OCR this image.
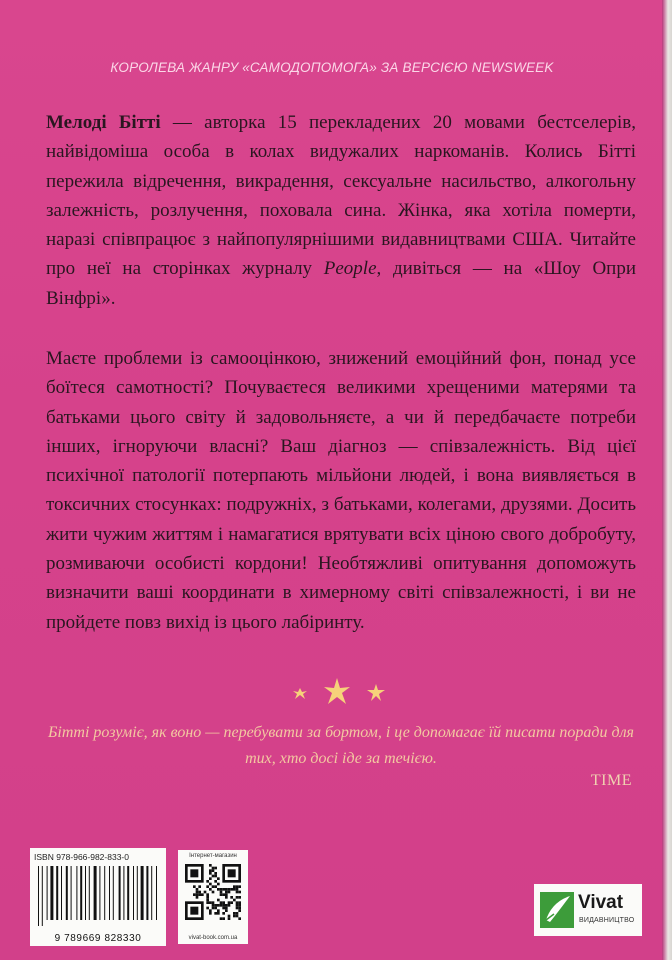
КОРОЛЕВА ЖАНРУ «САМОДОПОМОГА» ЗА ВЕРСІЄЮ NEWSWEEK

Мелоді Бітті — авторка 15 перекладених 20 мовами бестселерів, найвідоміша особа в колах видужалих наркоманів. Колись Бітті пережила відречення, викрадення, сексуальне насильство, алкогольну залежність, розлучення, поховала сина. Жінка, яка хотіла померти, наразі співпрацює з найпопулярнішими видавництвами США. Читайте про неї на сторінках журналу People, дивіться — на «Шоу Опри Вінфрі».

Маєте проблеми із самооцінкою, знижений емоційний фон, понад усе боїтеся самотності? Почуваєтеся великими хрещеними матерями та батьками цього світу й задовольняєте, а чи й передбачаєте потреби інших, ігноруючи власні? Ваш діагноз — співзалежність. Від цієї психічної патології потерпають мільйони людей, і вона виявляється в токсичних стосунках: подружніх, з батьками, колегами, друзями. Досить жити чужим життям і намагатися врятувати всіх ціною свого добробуту, розмиваючи особисті кордони! Необтяжливі опитування допоможуть визначити ваші координати в химерному світі співзалежності, і ви не пройдете повз вихід із цього лабіринту.

Бітті розуміє, як воно — перебувати за бортом, і це допомагає їй писати поради для тих, хто досі іде за течією.

TIME
ISBN 978-966-982-833-0
9 789669 828330
Інтернет-магазин
vivat-book.com.ua
Vivat
ВИДАВНИЦТВО
